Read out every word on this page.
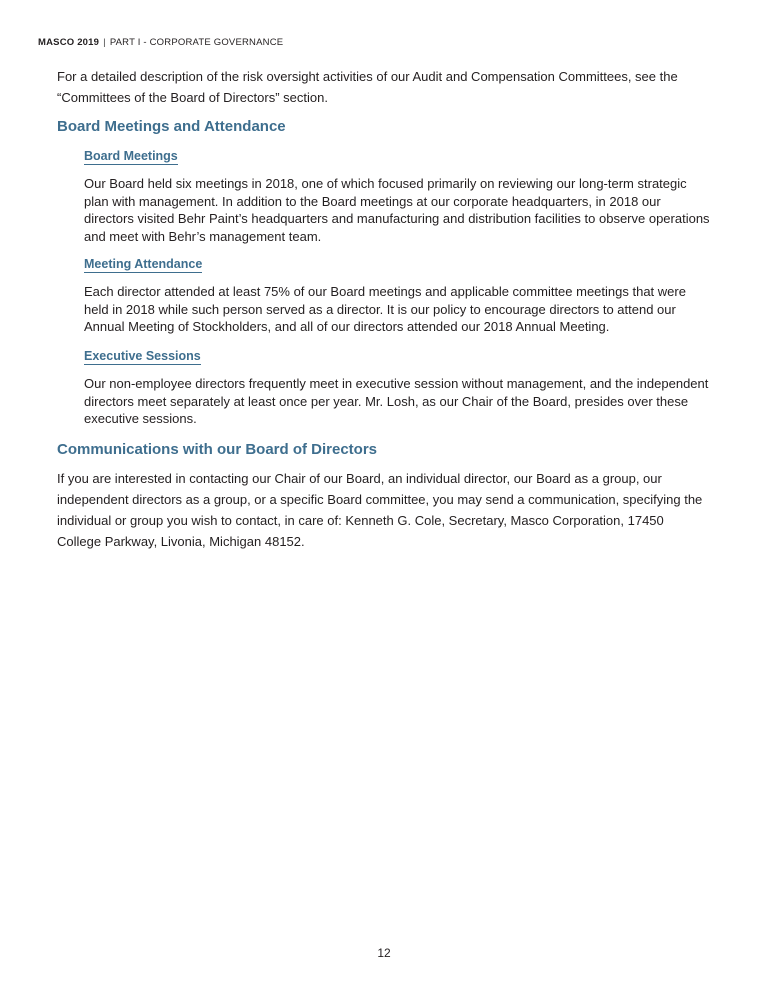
MASCO 2019 | PART I - CORPORATE GOVERNANCE

For a detailed description of the risk oversight activities of our Audit and Compensation Committees, see the “Committees of the Board of Directors” section.

Board Meetings and Attendance
Board Meetings

Our Board held six meetings in 2018, one of which focused primarily on reviewing our long-term strategic plan with management. In addition to the Board meetings at our corporate headquarters, in 2018 our directors visited Behr Paint’s headquarters and manufacturing and distribution facilities to observe operations and meet with Behr’s management team.

Meeting Attendance

Each director attended at least 75% of our Board meetings and applicable committee meetings that were held in 2018 while such person served as a director. It is our policy to encourage directors to attend our Annual Meeting of Stockholders, and all of our directors attended our 2018 Annual Meeting.

Executive Sessions

Our non-employee directors frequently meet in executive session without management, and the independent directors meet separately at least once per year. Mr. Losh, as our Chair of the Board, presides over these executive sessions.

Communications with our Board of Directors

If you are interested in contacting our Chair of our Board, an individual director, our Board as a group, our independent directors as a group, or a specific Board committee, you may send a communication, specifying the individual or group you wish to contact, in care of: Kenneth G. Cole, Secretary, Masco Corporation, 17450 College Parkway, Livonia, Michigan 48152.

12
